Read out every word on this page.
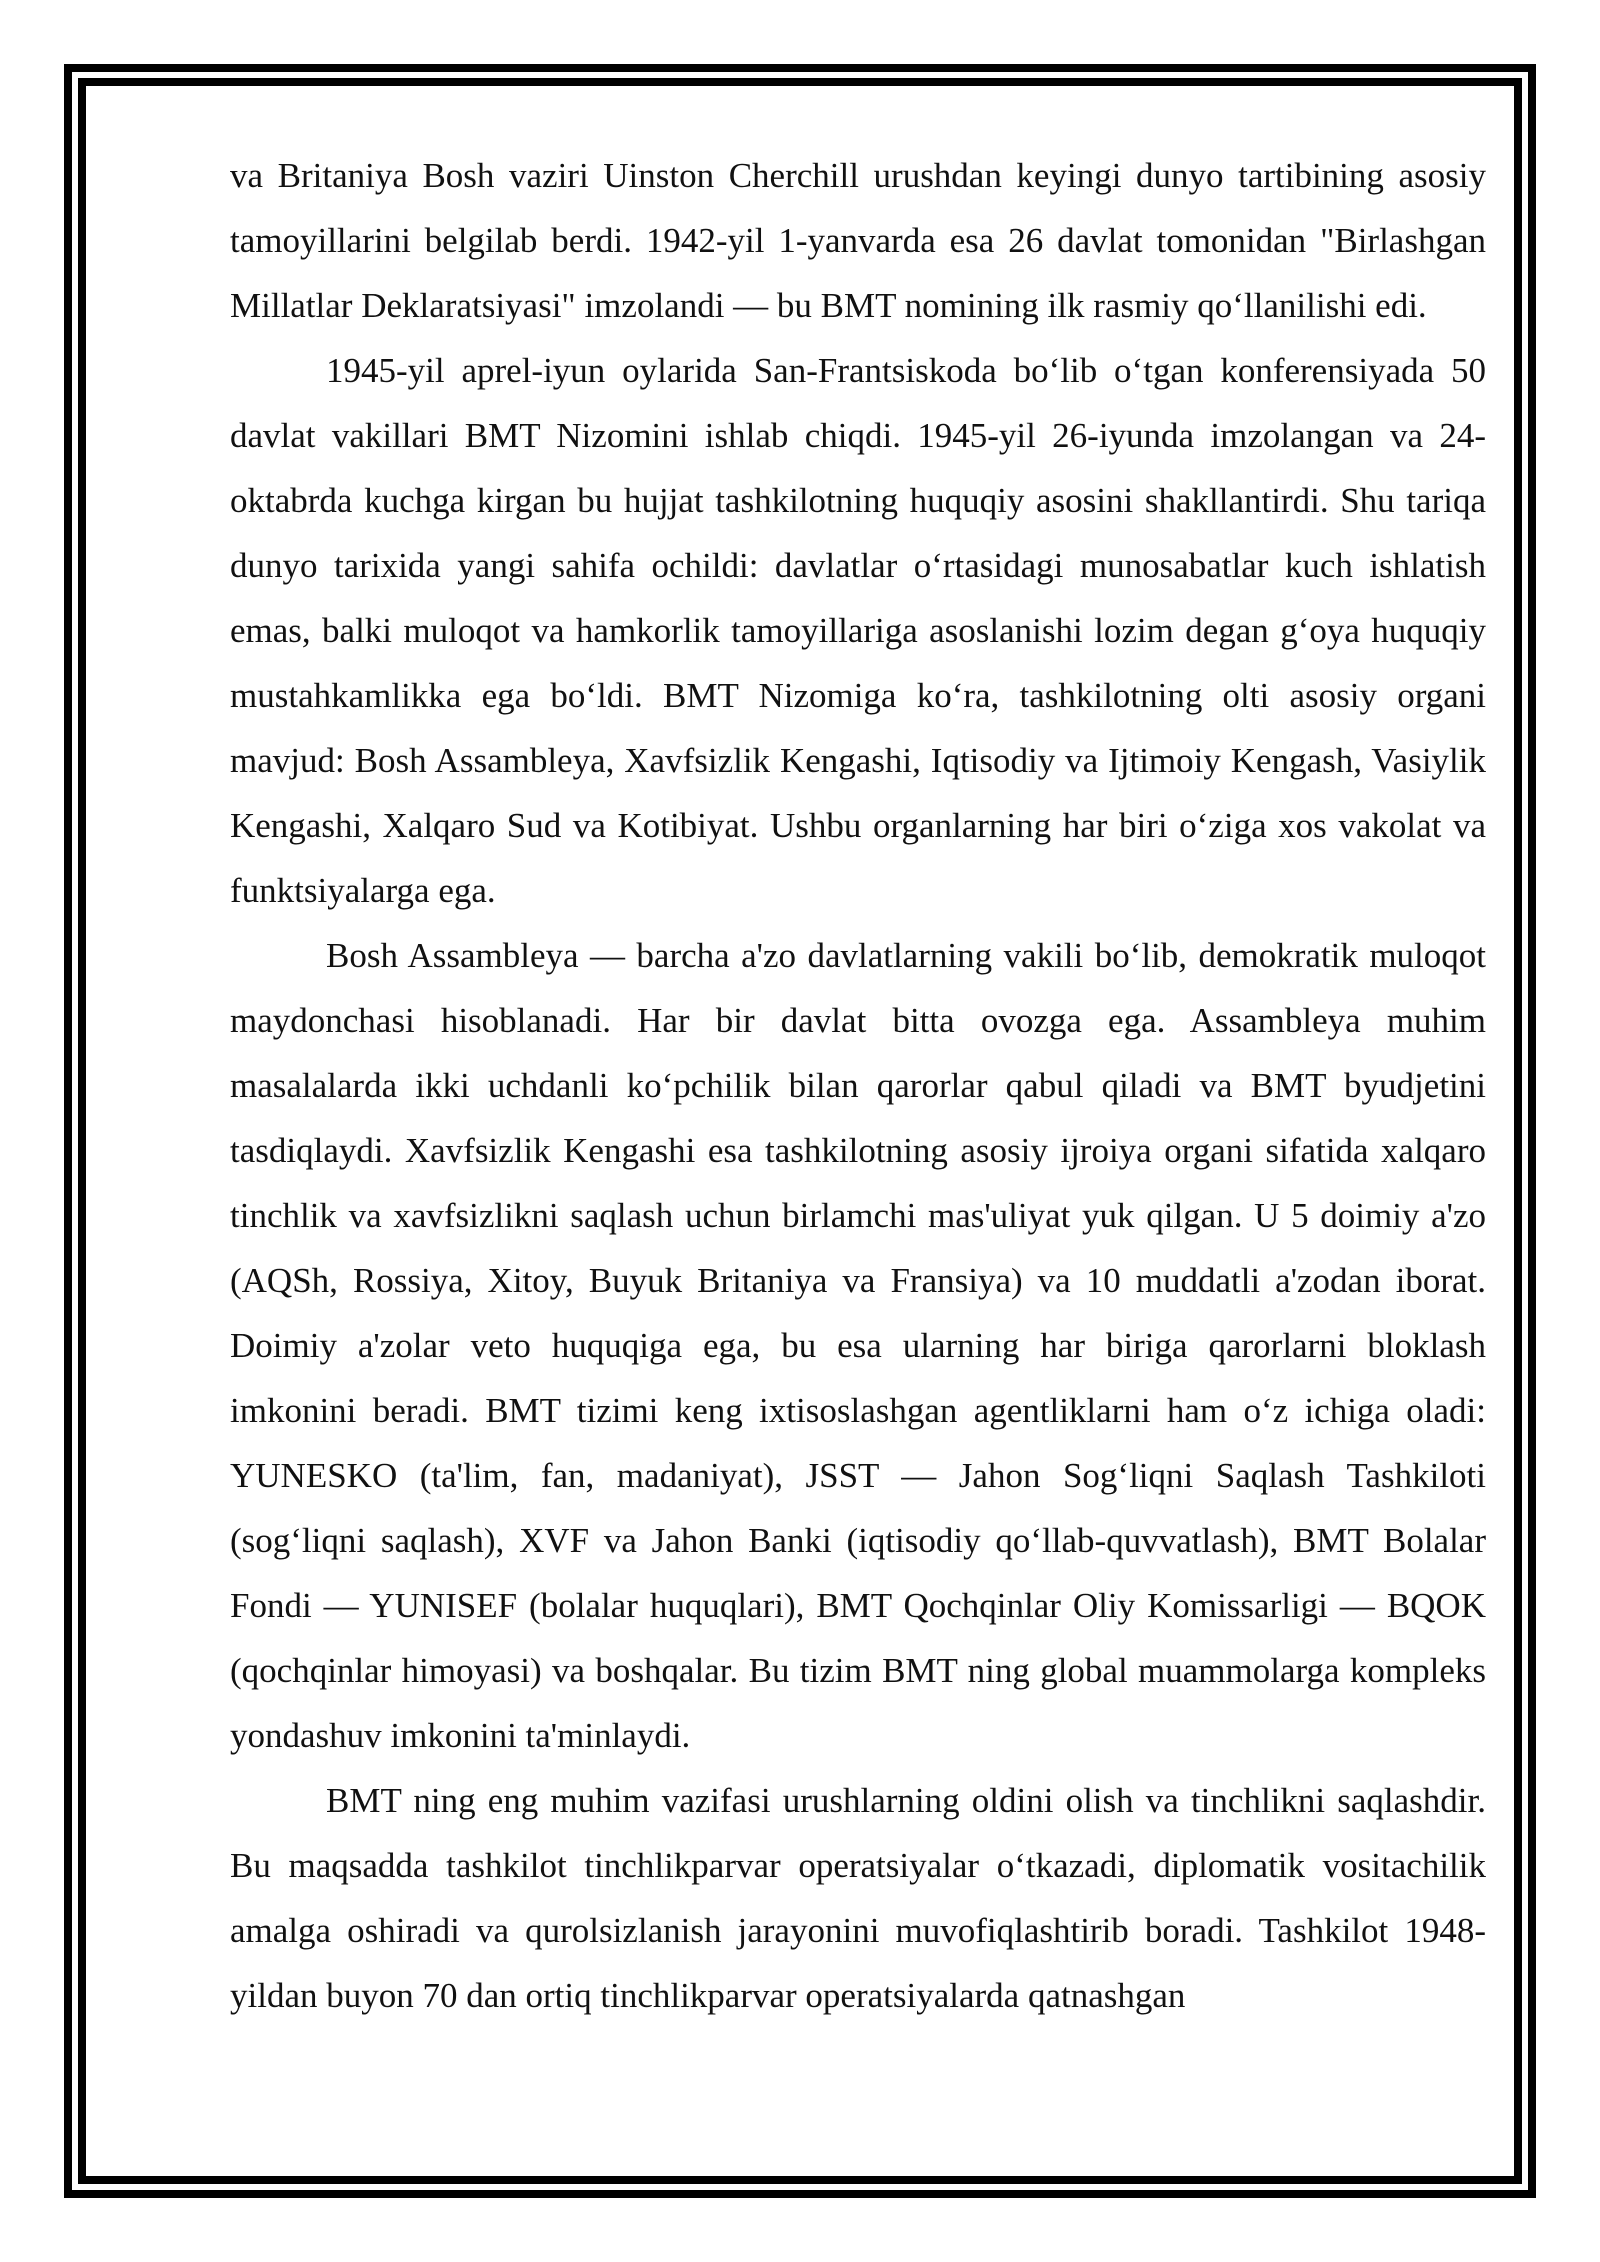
va Britaniya Bosh vaziri Uinston Cherchill urushdan keyingi dunyo tartibining asosiy tamoyillarini belgilab berdi. 1942-yil 1-yanvarda esa 26 davlat tomonidan "Birlashgan Millatlar Deklaratsiyasi" imzolandi — bu BMT nomining ilk rasmiy qo‘llanilishi edi.

1945-yil aprel-iyun oylarida San-Frantsiskoda bo‘lib o‘tgan konferensiyada 50 davlat vakillari BMT Nizomini ishlab chiqdi. 1945-yil 26-iyunda imzolangan va 24-oktabrda kuchga kirgan bu hujjat tashkilotning huquqiy asosini shakllantirdi. Shu tariqa dunyo tarixida yangi sahifa ochildi: davlatlar o‘rtasidagi munosabatlar kuch ishlatish emas, balki muloqot va hamkorlik tamoyillariga asoslanishi lozim degan g‘oya huquqiy mustahkamlikka ega bo‘ldi. BMT Nizomiga ko‘ra, tashkilotning olti asosiy organi mavjud: Bosh Assambleya, Xavfsizlik Kengashi, Iqtisodiy va Ijtimoiy Kengash, Vasiylik Kengashi, Xalqaro Sud va Kotibiyat. Ushbu organlarning har biri o‘ziga xos vakolat va funktsiyalarga ega.

Bosh Assambleya — barcha a'zo davlatlarning vakili bo‘lib, demokratik muloqot maydonchasi hisoblanadi. Har bir davlat bitta ovozga ega. Assambleya muhim masalalarda ikki uchdanli ko‘pchilik bilan qarorlar qabul qiladi va BMT byudjetini tasdiqlaydi. Xavfsizlik Kengashi esa tashkilotning asosiy ijroiya organi sifatida xalqaro tinchlik va xavfsizlikni saqlash uchun birlamchi mas'uliyat yuk qilgan. U 5 doimiy a'zo (AQSh, Rossiya, Xitoy, Buyuk Britaniya va Fransiya) va 10 muddatli a'zodan iborat. Doimiy a'zolar veto huquqiga ega, bu esa ularning har biriga qarorlarni bloklash imkonini beradi. BMT tizimi keng ixtisoslashgan agentliklarni ham o‘z ichiga oladi: YUNESKO (ta'lim, fan, madaniyat), JSST — Jahon Sog‘liqni Saqlash Tashkiloti (sog‘liqni saqlash), XVF va Jahon Banki (iqtisodiy qo‘llab-quvvatlash), BMT Bolalar Fondi — YUNISEF (bolalar huquqlari), BMT Qochqinlar Oliy Komissarligi — BQOK (qochqinlar himoyasi) va boshqalar. Bu tizim BMT ning global muammolarga kompleks yondashuv imkonini ta'minlaydi.

BMT ning eng muhim vazifasi urushlarning oldini olish va tinchlikni saqlashdir. Bu maqsadda tashkilot tinchlikparvar operatsiyalar o‘tkazadi, diplomatik vositachilik amalga oshiradi va qurolsizlanish jarayonini muvofiqlashtirib boradi. Tashkilot 1948-yildan buyon 70 dan ortiq tinchlikparvar operatsiyalarda qatnashgan
